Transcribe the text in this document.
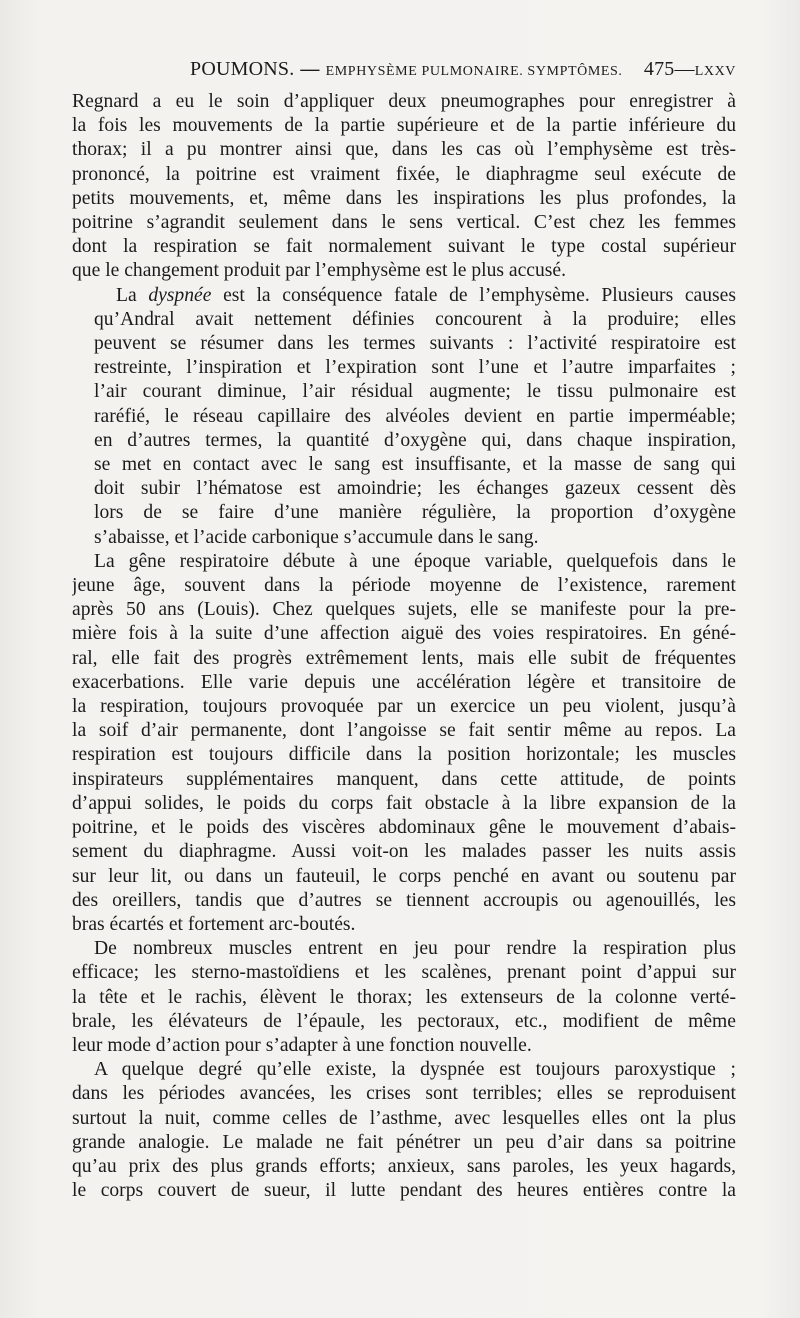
POUMONS. — EMPHYSÈME PULMONAIRE. SYMPTÔMES. 475—LXXV

Regnard a eu le soin d’appliquer deux pneumographes pour enregistrer à
la fois les mouvements de la partie supérieure et de la partie inférieure du
thorax; il a pu montrer ainsi que, dans les cas où l’emphysème est très-
prononcé, la poitrine est vraiment fixée, le diaphragme seul exécute de
petits mouvements, et, même dans les inspirations les plus profondes, la
poitrine s’agrandit seulement dans le sens vertical. C’est chez les femmes
dont la respiration se fait normalement suivant le type costal supérieur
que le changement produit par l’emphysème est le plus accusé.

La dyspnée est la conséquence fatale de l’emphysème. Plusieurs causes
qu’Andral avait nettement définies concourent à la produire; elles
peuvent se résumer dans les termes suivants : l’activité respiratoire est
restreinte, l’inspiration et l’expiration sont l’une et l’autre imparfaites ;
l’air courant diminue, l’air résidual augmente; le tissu pulmonaire est
raréfié, le réseau capillaire des alvéoles devient en partie imperméable;
en d’autres termes, la quantité d’oxygène qui, dans chaque inspiration,
se met en contact avec le sang est insuffisante, et la masse de sang qui
doit subir l’hématose est amoindrie; les échanges gazeux cessent dès
lors de se faire d’une manière régulière, la proportion d’oxygène
s’abaisse, et l’acide carbonique s’accumule dans le sang.

La gêne respiratoire débute à une époque variable, quelquefois dans le
jeune âge, souvent dans la période moyenne de l’existence, rarement
après 50 ans (Louis). Chez quelques sujets, elle se manifeste pour la pre-
mière fois à la suite d’une affection aiguë des voies respiratoires. En géné-
ral, elle fait des progrès extrêmement lents, mais elle subit de fréquentes
exacerbations. Elle varie depuis une accélération légère et transitoire de
la respiration, toujours provoquée par un exercice un peu violent, jusqu’à
la soif d’air permanente, dont l’angoisse se fait sentir même au repos. La
respiration est toujours difficile dans la position horizontale; les muscles
inspirateurs supplémentaires manquent, dans cette attitude, de points
d’appui solides, le poids du corps fait obstacle à la libre expansion de la
poitrine, et le poids des viscères abdominaux gêne le mouvement d’abais-
sement du diaphragme. Aussi voit-on les malades passer les nuits assis
sur leur lit, ou dans un fauteuil, le corps penché en avant ou soutenu par
des oreillers, tandis que d’autres se tiennent accroupis ou agenouillés, les
bras écartés et fortement arc-boutés.

De nombreux muscles entrent en jeu pour rendre la respiration plus
efficace; les sterno-mastoïdiens et les scalènes, prenant point d’appui sur
la tête et le rachis, élèvent le thorax; les extenseurs de la colonne verté-
brale, les élévateurs de l’épaule, les pectoraux, etc., modifient de même
leur mode d’action pour s’adapter à une fonction nouvelle.

A quelque degré qu’elle existe, la dyspnée est toujours paroxystique ;
dans les périodes avancées, les crises sont terribles; elles se reproduisent
surtout la nuit, comme celles de l’asthme, avec lesquelles elles ont la plus
grande analogie. Le malade ne fait pénétrer un peu d’air dans sa poitrine
qu’au prix des plus grands efforts; anxieux, sans paroles, les yeux hagards,
le corps couvert de sueur, il lutte pendant des heures entières contre la
